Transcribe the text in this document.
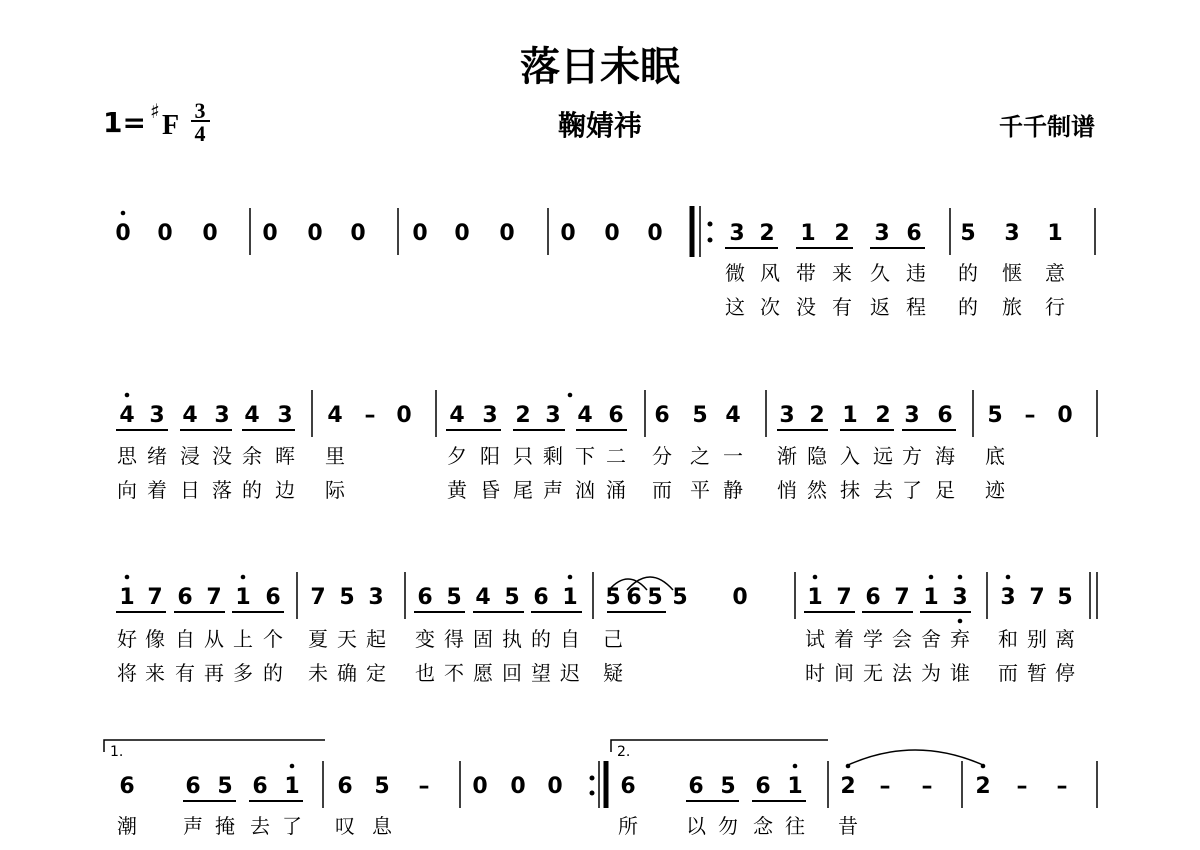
落日未眠
鞠婧祎	千千制谱
1= ♯ F 3
4
0 0 0 0 0 0 0 0 0 0 0 0	3 2 1 2 3 6 5 3 1
4 3 4 3 4 3 4 – 0 4 3 2 3 4 6 6 5 4 3 2 1 2 3 6 5 – 0
1 7 6 7 1 6 7 5 3 6 5 4 5 6 1 5 6 5 5 0	1 7 6 7 1 3 3 7 5
6 6 5 6 1 6 5 – 0 0 0	6 6 5 6 1 2 – – 2 – –
微
这
风
次
带
没
来
有
久
返
违
程
的
的
惬
旅
意
行
思
向
绪
着
浸
日
没
落
余
的
晖
边
里
际
夕
黄
阳
昏
只
尾
剩
声
下
汹
二
涌
分
而
之
平
一
静
渐
悄
隐
然
入
抹
远
去
方
了
海
足
底
迹
好
将
像
来
自
有
从
再
上
多
个
的
夏
未
天
确
起
定
变
也
得
不
固
愿
执
回
的
望
自
迟
己
疑
试
时
着
间
学
无
会
法
舍
为
弃
谁
和
而
别
暂
离
停
潮 声 掩 去 了 叹 息	所 以 勿 念 往 昔
1.	2.
